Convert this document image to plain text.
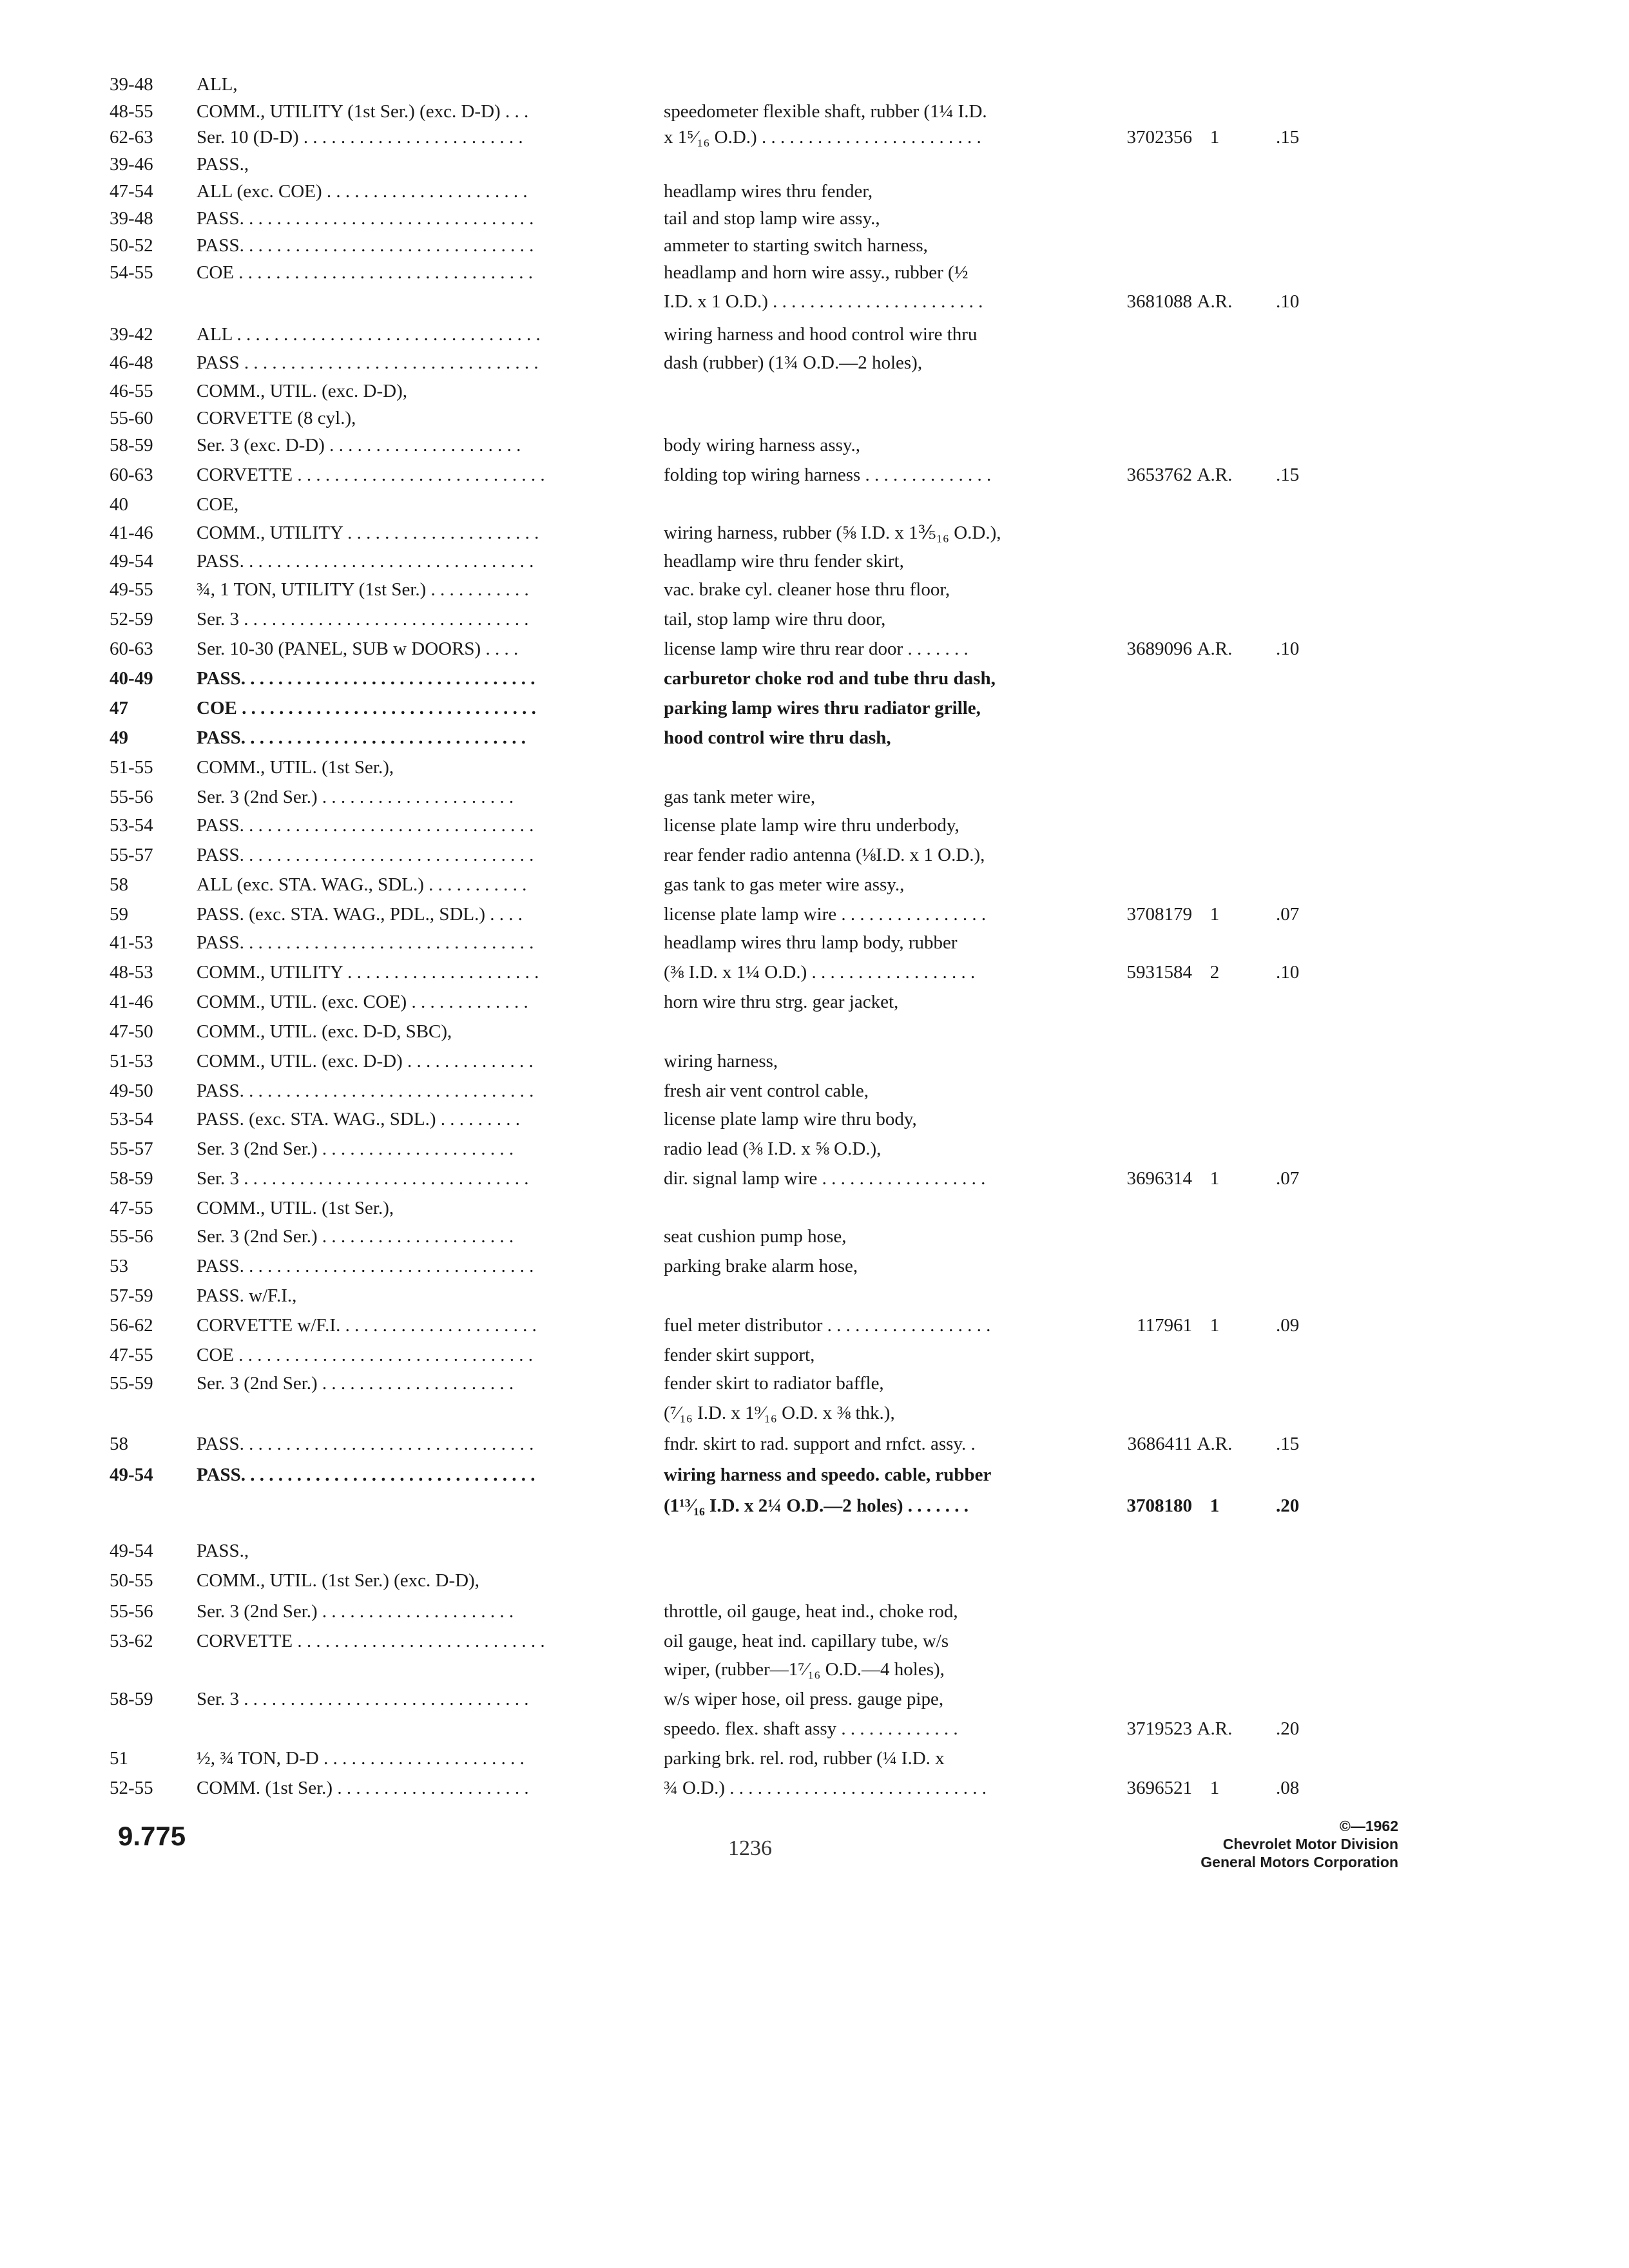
39-48	ALL,
48-55	COMM., UTILITY (1st Ser.) (exc. D-D) . . .	speedometer flexible shaft, rubber (1¼ I.D.
62-63	Ser. 10 (D-D) . . . . . . . . . . . . . . . . . . . . . . . .	x 1⁵⁄₁₆ O.D.) . . . . . . . . . . . . . . . . . . . . . . . .	3702356 1	.15
39-46	PASS.,
47-54	ALL (exc. COE) . . . . . . . . . . . . . . . . . . . . . .	headlamp wires thru fender,
39-48	PASS. . . . . . . . . . . . . . . . . . . . . . . . . . . . . . . .	tail and stop lamp wire assy.,
50-52	PASS. . . . . . . . . . . . . . . . . . . . . . . . . . . . . . . .	ammeter to starting switch harness,
54-55	COE . . . . . . . . . . . . . . . . . . . . . . . . . . . . . . . .	headlamp and horn wire assy., rubber (½
I.D. x 1 O.D.) . . . . . . . . . . . . . . . . . . . . . . .	3681088 A.R.	.10
39-42	ALL . . . . . . . . . . . . . . . . . . . . . . . . . . . . . . . . .	wiring harness and hood control wire thru
46-48	PASS . . . . . . . . . . . . . . . . . . . . . . . . . . . . . . . .	dash (rubber) (1¾ O.D.—2 holes),
46-55	COMM., UTIL. (exc. D-D),
55-60	CORVETTE (8 cyl.),
58-59	Ser. 3 (exc. D-D) . . . . . . . . . . . . . . . . . . . . .	body wiring harness assy.,
60-63	CORVETTE . . . . . . . . . . . . . . . . . . . . . . . . . . .	folding top wiring harness . . . . . . . . . . . . . .	3653762 A.R.	.15
40	COE,
41-46	COMM., UTILITY . . . . . . . . . . . . . . . . . . . . .	wiring harness, rubber (⅝ I.D. x 1⅗₁₆ O.D.),
49-54	PASS. . . . . . . . . . . . . . . . . . . . . . . . . . . . . . . .	headlamp wire thru fender skirt,
49-55	¾, 1 TON, UTILITY (1st Ser.) . . . . . . . . . . .	vac. brake cyl. cleaner hose thru floor,
52-59	Ser. 3 . . . . . . . . . . . . . . . . . . . . . . . . . . . . . . .	tail, stop lamp wire thru door,
60-63	Ser. 10-30 (PANEL, SUB w DOORS) . . . .	license lamp wire thru rear door . . . . . . .	3689096 A.R.	.10
40-49	PASS. . . . . . . . . . . . . . . . . . . . . . . . . . . . . . . .	carburetor choke rod and tube thru dash,
47	COE . . . . . . . . . . . . . . . . . . . . . . . . . . . . . . . .	parking lamp wires thru radiator grille,
49	PASS. . . . . . . . . . . . . . . . . . . . . . . . . . . . . . .	hood control wire thru dash,
51-55	COMM., UTIL. (1st Ser.),
55-56	Ser. 3 (2nd Ser.) . . . . . . . . . . . . . . . . . . . . .	gas tank meter wire,
53-54	PASS. . . . . . . . . . . . . . . . . . . . . . . . . . . . . . . .	license plate lamp wire thru underbody,
55-57	PASS. . . . . . . . . . . . . . . . . . . . . . . . . . . . . . . .	rear fender radio antenna (⅛I.D. x 1 O.D.),
58	ALL (exc. STA. WAG., SDL.) . . . . . . . . . . .	gas tank to gas meter wire assy.,
59	PASS. (exc. STA. WAG., PDL., SDL.) . . . .	license plate lamp wire . . . . . . . . . . . . . . . .	3708179 1	.07
41-53	PASS. . . . . . . . . . . . . . . . . . . . . . . . . . . . . . . .	headlamp wires thru lamp body, rubber
48-53	COMM., UTILITY . . . . . . . . . . . . . . . . . . . . .	(⅜ I.D. x 1¼ O.D.) . . . . . . . . . . . . . . . . . .	5931584 2	.10
41-46	COMM., UTIL. (exc. COE) . . . . . . . . . . . . .	horn wire thru strg. gear jacket,
47-50	COMM., UTIL. (exc. D-D, SBC),
51-53	COMM., UTIL. (exc. D-D) . . . . . . . . . . . . . .	wiring harness,
49-50	PASS. . . . . . . . . . . . . . . . . . . . . . . . . . . . . . . .	fresh air vent control cable,
53-54	PASS. (exc. STA. WAG., SDL.) . . . . . . . . .	license plate lamp wire thru body,
55-57	Ser. 3 (2nd Ser.) . . . . . . . . . . . . . . . . . . . . .	radio lead (⅜ I.D. x ⅝ O.D.),
58-59	Ser. 3 . . . . . . . . . . . . . . . . . . . . . . . . . . . . . . .	dir. signal lamp wire . . . . . . . . . . . . . . . . . .	3696314 1	.07
47-55	COMM., UTIL. (1st Ser.),
55-56	Ser. 3 (2nd Ser.) . . . . . . . . . . . . . . . . . . . . .	seat cushion pump hose,
53	PASS. . . . . . . . . . . . . . . . . . . . . . . . . . . . . . . .	parking brake alarm hose,
57-59	PASS. w/F.I.,
56-62	CORVETTE w/F.I. . . . . . . . . . . . . . . . . . . . . .	fuel meter distributor . . . . . . . . . . . . . . . . . .	117961 1	.09
47-55	COE . . . . . . . . . . . . . . . . . . . . . . . . . . . . . . . .	fender skirt support,
55-59	Ser. 3 (2nd Ser.) . . . . . . . . . . . . . . . . . . . . .	fender skirt to radiator baffle,
(⁷⁄₁₆ I.D. x 1⁹⁄₁₆ O.D. x ⅜ thk.),
58	PASS. . . . . . . . . . . . . . . . . . . . . . . . . . . . . . . .	fndr. skirt to rad. support and rnfct. assy. .	3686411 A.R.	.15
49-54	PASS. . . . . . . . . . . . . . . . . . . . . . . . . . . . . . . .	wiring harness and speedo. cable, rubber
(1¹³⁄₁₆ I.D. x 2¼ O.D.—2 holes) . . . . . . .	3708180 1	.20
49-54	PASS.,
50-55	COMM., UTIL. (1st Ser.) (exc. D-D),
55-56	Ser. 3 (2nd Ser.) . . . . . . . . . . . . . . . . . . . . .	throttle, oil gauge, heat ind., choke rod,
53-62	CORVETTE . . . . . . . . . . . . . . . . . . . . . . . . . . .	oil gauge, heat ind. capillary tube, w/s
wiper, (rubber—1⁷⁄₁₆ O.D.—4 holes),
58-59	Ser. 3 . . . . . . . . . . . . . . . . . . . . . . . . . . . . . . .	w/s wiper hose, oil press. gauge pipe,
speedo. flex. shaft assy . . . . . . . . . . . . .	3719523 A.R.	.20
51	½, ¾ TON, D-D . . . . . . . . . . . . . . . . . . . . . .	parking brk. rel. rod, rubber (¼ I.D. x
52-55	COMM. (1st Ser.) . . . . . . . . . . . . . . . . . . . . .	¾ O.D.) . . . . . . . . . . . . . . . . . . . . . . . . . . . .	3696521 1	.08
9.775	1236
©—1962
Chevrolet Motor Division
General Motors Corporation
